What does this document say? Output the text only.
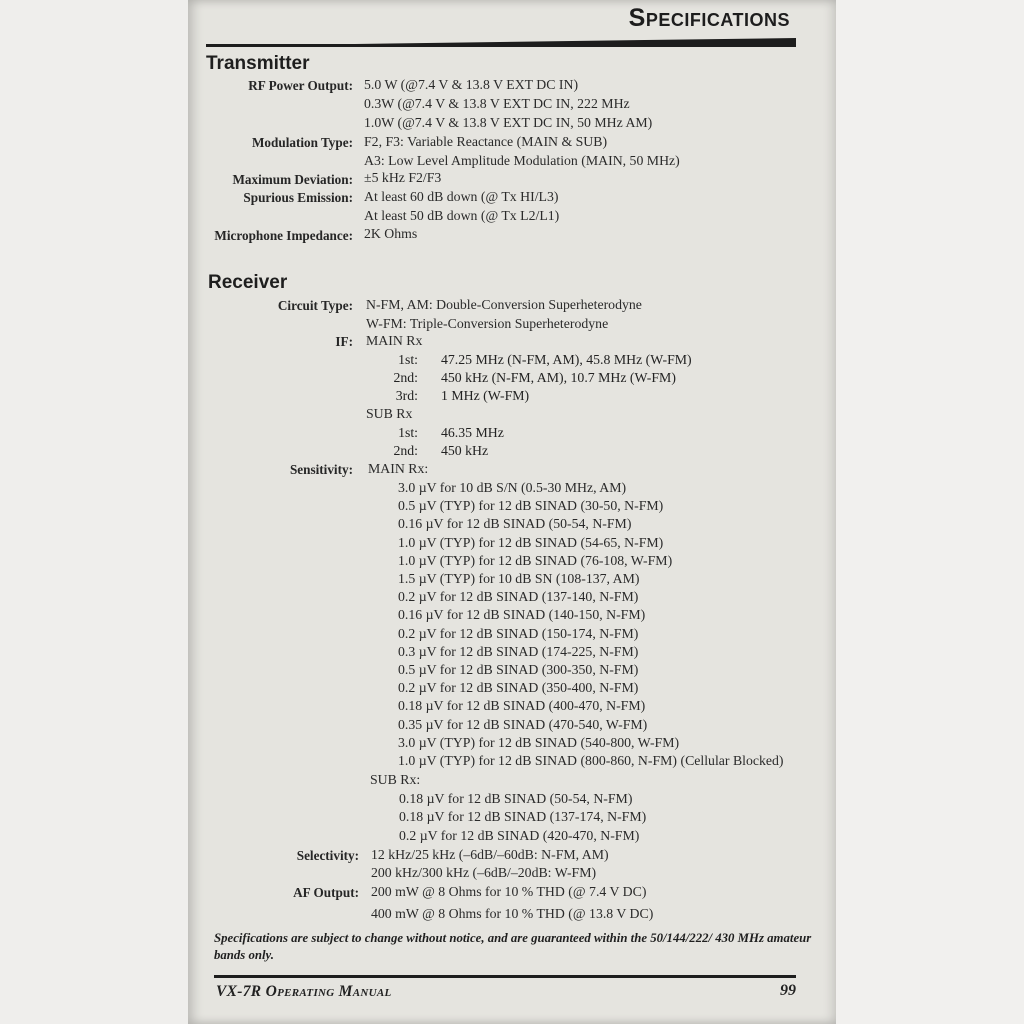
Specifications
Transmitter
RF Power Output :	5.0 W (@7.4 V & 13.8 V EXT DC IN)
0.3W (@7.4 V & 13.8 V EXT DC IN, 222 MHz
1.0W (@7.4 V & 13.8 V EXT DC IN, 50 MHz AM)
Modulation Type :	F2, F3: Variable Reactance (MAIN & SUB)
A3: Low Level Amplitude Modulation (MAIN, 50 MHz)
Maximum Deviation :	±5 kHz F2/F3
Spurious Emission :	At least 60 dB down (@ Tx HI/L3)
At least 50 dB down (@ Tx L2/L1)
Microphone Impedance :	2K Ohms
Receiver
Circuit Type :	N-FM, AM: Double-Conversion Superheterodyne
W-FM: Triple-Conversion Superheterodyne
IF :	MAIN Rx
1st: 47.25 MHz (N-FM, AM), 45.8 MHz (W-FM)
2nd: 450 kHz (N-FM, AM), 10.7 MHz (W-FM)
3rd: 1 MHz (W-FM)
SUB Rx
1st: 46.35 MHz
2nd: 450 kHz
Sensitivity :	MAIN Rx:
3.0 µV for 10 dB S/N (0.5-30 MHz, AM)
0.5 µV (TYP) for 12 dB SINAD (30-50, N-FM)
0.16 µV for 12 dB SINAD (50-54, N-FM)
1.0 µV (TYP) for 12 dB SINAD (54-65, N-FM)
1.0 µV (TYP) for 12 dB SINAD (76-108, W-FM)
1.5 µV (TYP) for 10 dB SN (108-137, AM)
0.2 µV for 12 dB SINAD (137-140, N-FM)
0.16 µV for 12 dB SINAD (140-150, N-FM)
0.2 µV for 12 dB SINAD (150-174, N-FM)
0.3 µV for 12 dB SINAD (174-225, N-FM)
0.5 µV for 12 dB SINAD (300-350, N-FM)
0.2 µV for 12 dB SINAD (350-400, N-FM)
0.18 µV for 12 dB SINAD (400-470, N-FM)
0.35 µV for 12 dB SINAD (470-540, W-FM)
3.0 µV (TYP) for 12 dB SINAD (540-800, W-FM)
1.0 µV (TYP) for 12 dB SINAD (800-860, N-FM) (Cellular Blocked)
SUB Rx:
0.18 µV for 12 dB SINAD (50-54, N-FM)
0.18 µV for 12 dB SINAD (137-174, N-FM)
0.2 µV for 12 dB SINAD (420-470, N-FM)
Selectivity :	12 kHz/25 kHz (–6dB/–60dB: N-FM, AM)
200 kHz/300 kHz (–6dB/–20dB: W-FM)
AF Output :	200 mW @ 8 Ohms for 10 % THD (@ 7.4 V DC)
400 mW @ 8 Ohms for 10 % THD (@ 13.8 V DC)
Specifications are subject to change without notice, and are guaranteed within the 50/144/222/ 430 MHz amateur bands only.
VX-7R Operating Manual	99
